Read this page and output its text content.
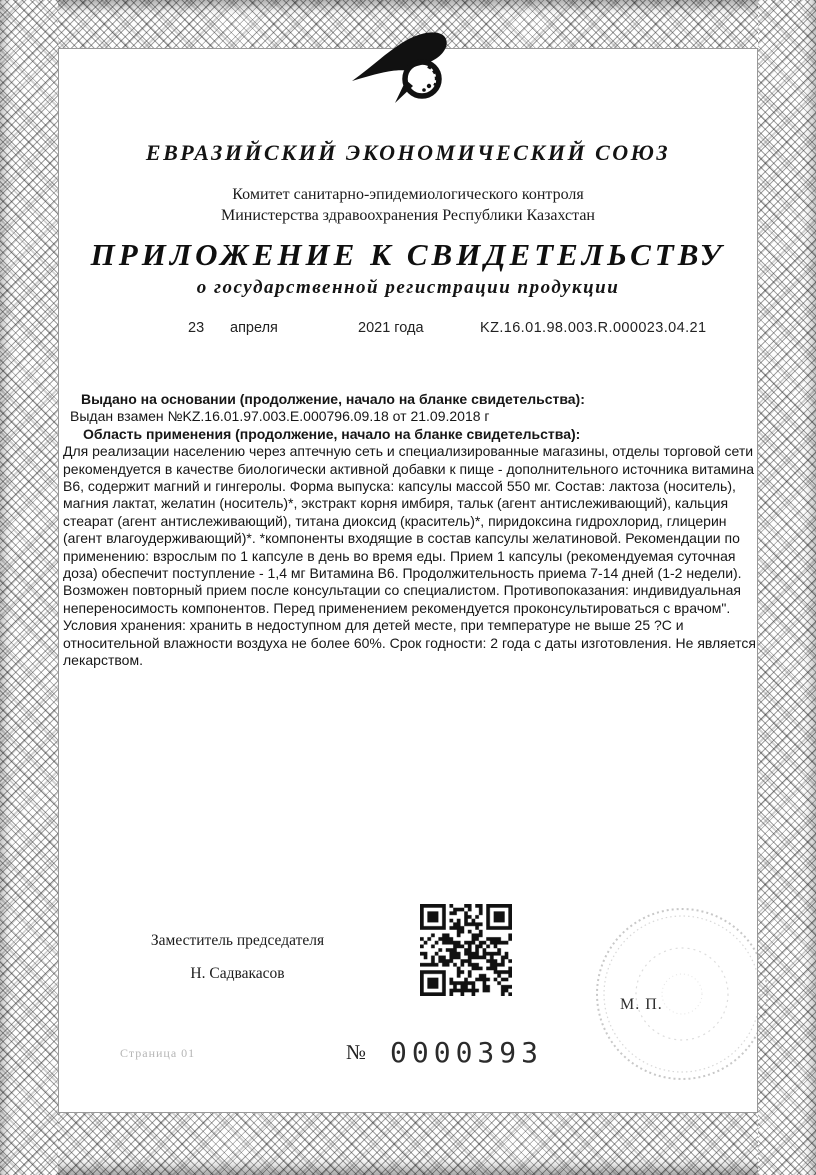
ЕВРАЗИЙСКИЙ ЭКОНОМИЧЕСКИЙ СОЮЗ
Комитет санитарно-эпидемиологического контроля
Министерства здравоохранения Республики Казахстан
ПРИЛОЖЕНИЕ К СВИДЕТЕЛЬСТВУ
о государственной регистрации продукции
23 апреля	2021 года	KZ.16.01.98.003.R.000023.04.21
Выдано на основании (продолжение, начало на бланке свидетельства):
Выдан взамен №KZ.16.01.97.003.E.000796.09.18 от 21.09.2018 г
Область применения (продолжение, начало на бланке свидетельства):
Для реализации населению через аптечную сеть и специализированные магазины, отделы торговой сети рекомендуется в качестве биологически активной добавки к пище - дополнительного источника витамина В6, содержит магний и гингеролы. Форма выпуска: капсулы массой 550 мг. Состав: лактоза (носитель), магния лактат, желатин (носитель)*, экстракт корня имбиря, тальк (агент антислеживающий), кальция стеарат (агент антислеживающий), титана диоксид (краситель)*, пиридоксина гидрохлорид, глицерин (агент влагоудерживающий)*. *компоненты входящие в состав капсулы желатиновой. Рекомендации по применению: взрослым по 1 капсуле в день во время еды. Прием 1 капсулы (рекомендуемая суточная доза) обеспечит поступление - 1,4 мг Витамина В6. Продолжительность приема 7-14 дней (1-2 недели). Возможен повторный прием после консультации со специалистом. Противопоказания: индивидуальная непереносимость компонентов. Перед применением рекомендуется проконсультироваться с врачом". Условия хранения: хранить в недоступном для детей месте, при температуре не выше 25 ?С и относительной влажности воздуха не более 60%. Срок годности: 2 года с даты изготовления. Не является лекарством.
Заместитель председателя
Н. Садвакасов
М. П.
Страница 01	№ 0000393
